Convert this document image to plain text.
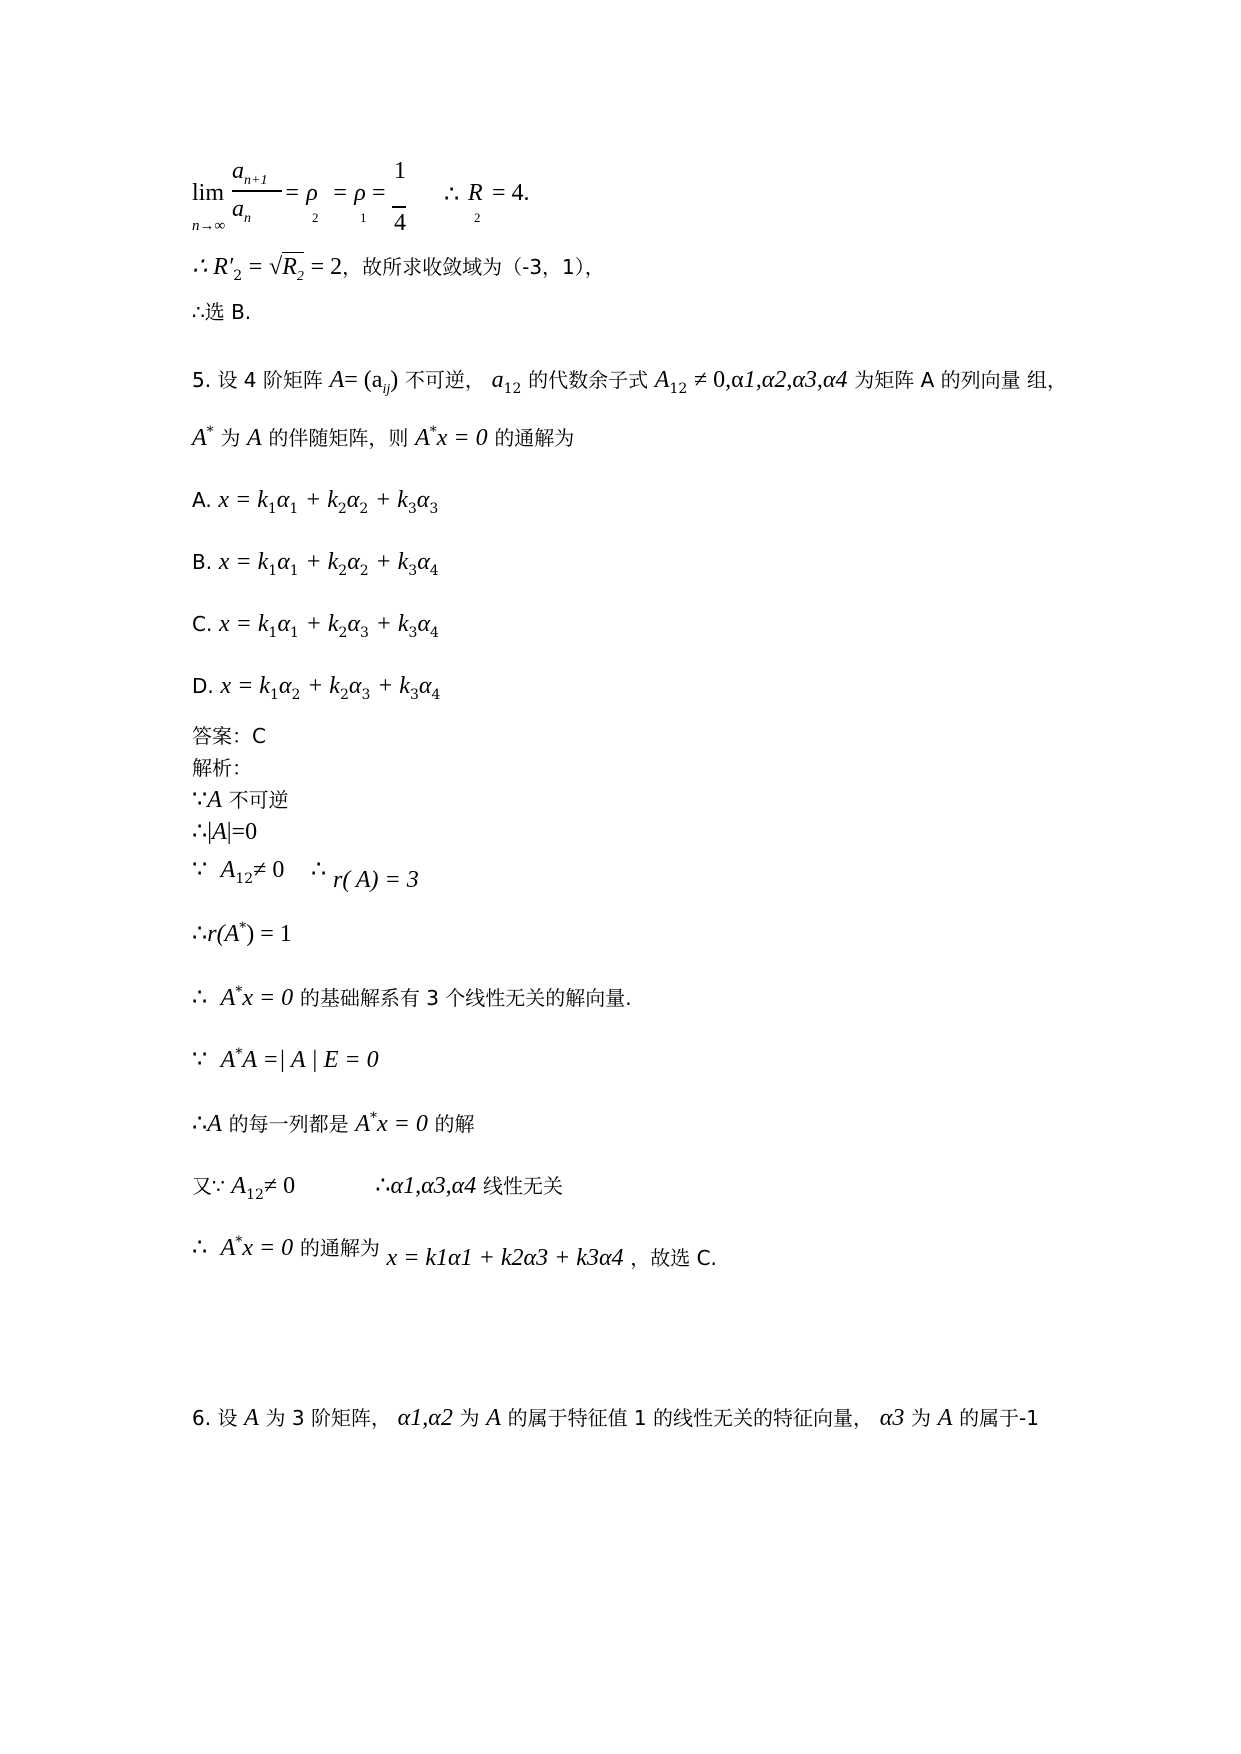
lim
n→∞
$a_{n+1}$
$a_n$
= ρ
2
= ρ
1
=
1
4
∴ R
2
= 4.
∴ $R'_2 = √R_2 = 2$，故所求收敛域为（-3，1），
∴选 B.
5. 设 4 阶矩阵 $A= (a_{ij})$ 不可逆， $a_{12}$ 的代数余子式 $A_{12} \ne 0,\alpha 1,\alpha 2,\alpha 3,\alpha 4$ 为矩阵 A 的列向量 组，
A* 为 A 的伴随矩阵，则 A*x = 0 的通解为
A. $x = k_1\alpha_1 + k_2\alpha_2 + k_3\alpha_3$
B. $x = k_1\alpha_1 + k_2\alpha_2 + k_3\alpha_4$
C. $x = k_1\alpha_1 + k_2\alpha_3 + k_3\alpha_4$
D. $x = k_1\alpha_2 + k_2\alpha_3 + k_3\alpha_4$
答案：C
解析：
∵A 不可逆
∴|A|=0
∵ $A_{12}\ne 0$ ∴ r( A) = 3
∴r(A*) = 1
∴ A*x = 0 的基础解系有 3 个线性无关的解向量.
∵ A*A =| A | E = 0
∴A 的每一列都是 A*x = 0 的解
又∵ $A_{12}\ne 0$	∴α1,α3,α4 线性无关
∴ A*x = 0 的通解为 x = k1α1 + k2α3 + k3α4 ，故选 C.
6. 设 A 为 3 阶矩阵， α1,α2 为 A 的属于特征值 1 的线性无关的特征向量， α3 为 A 的属于-1
